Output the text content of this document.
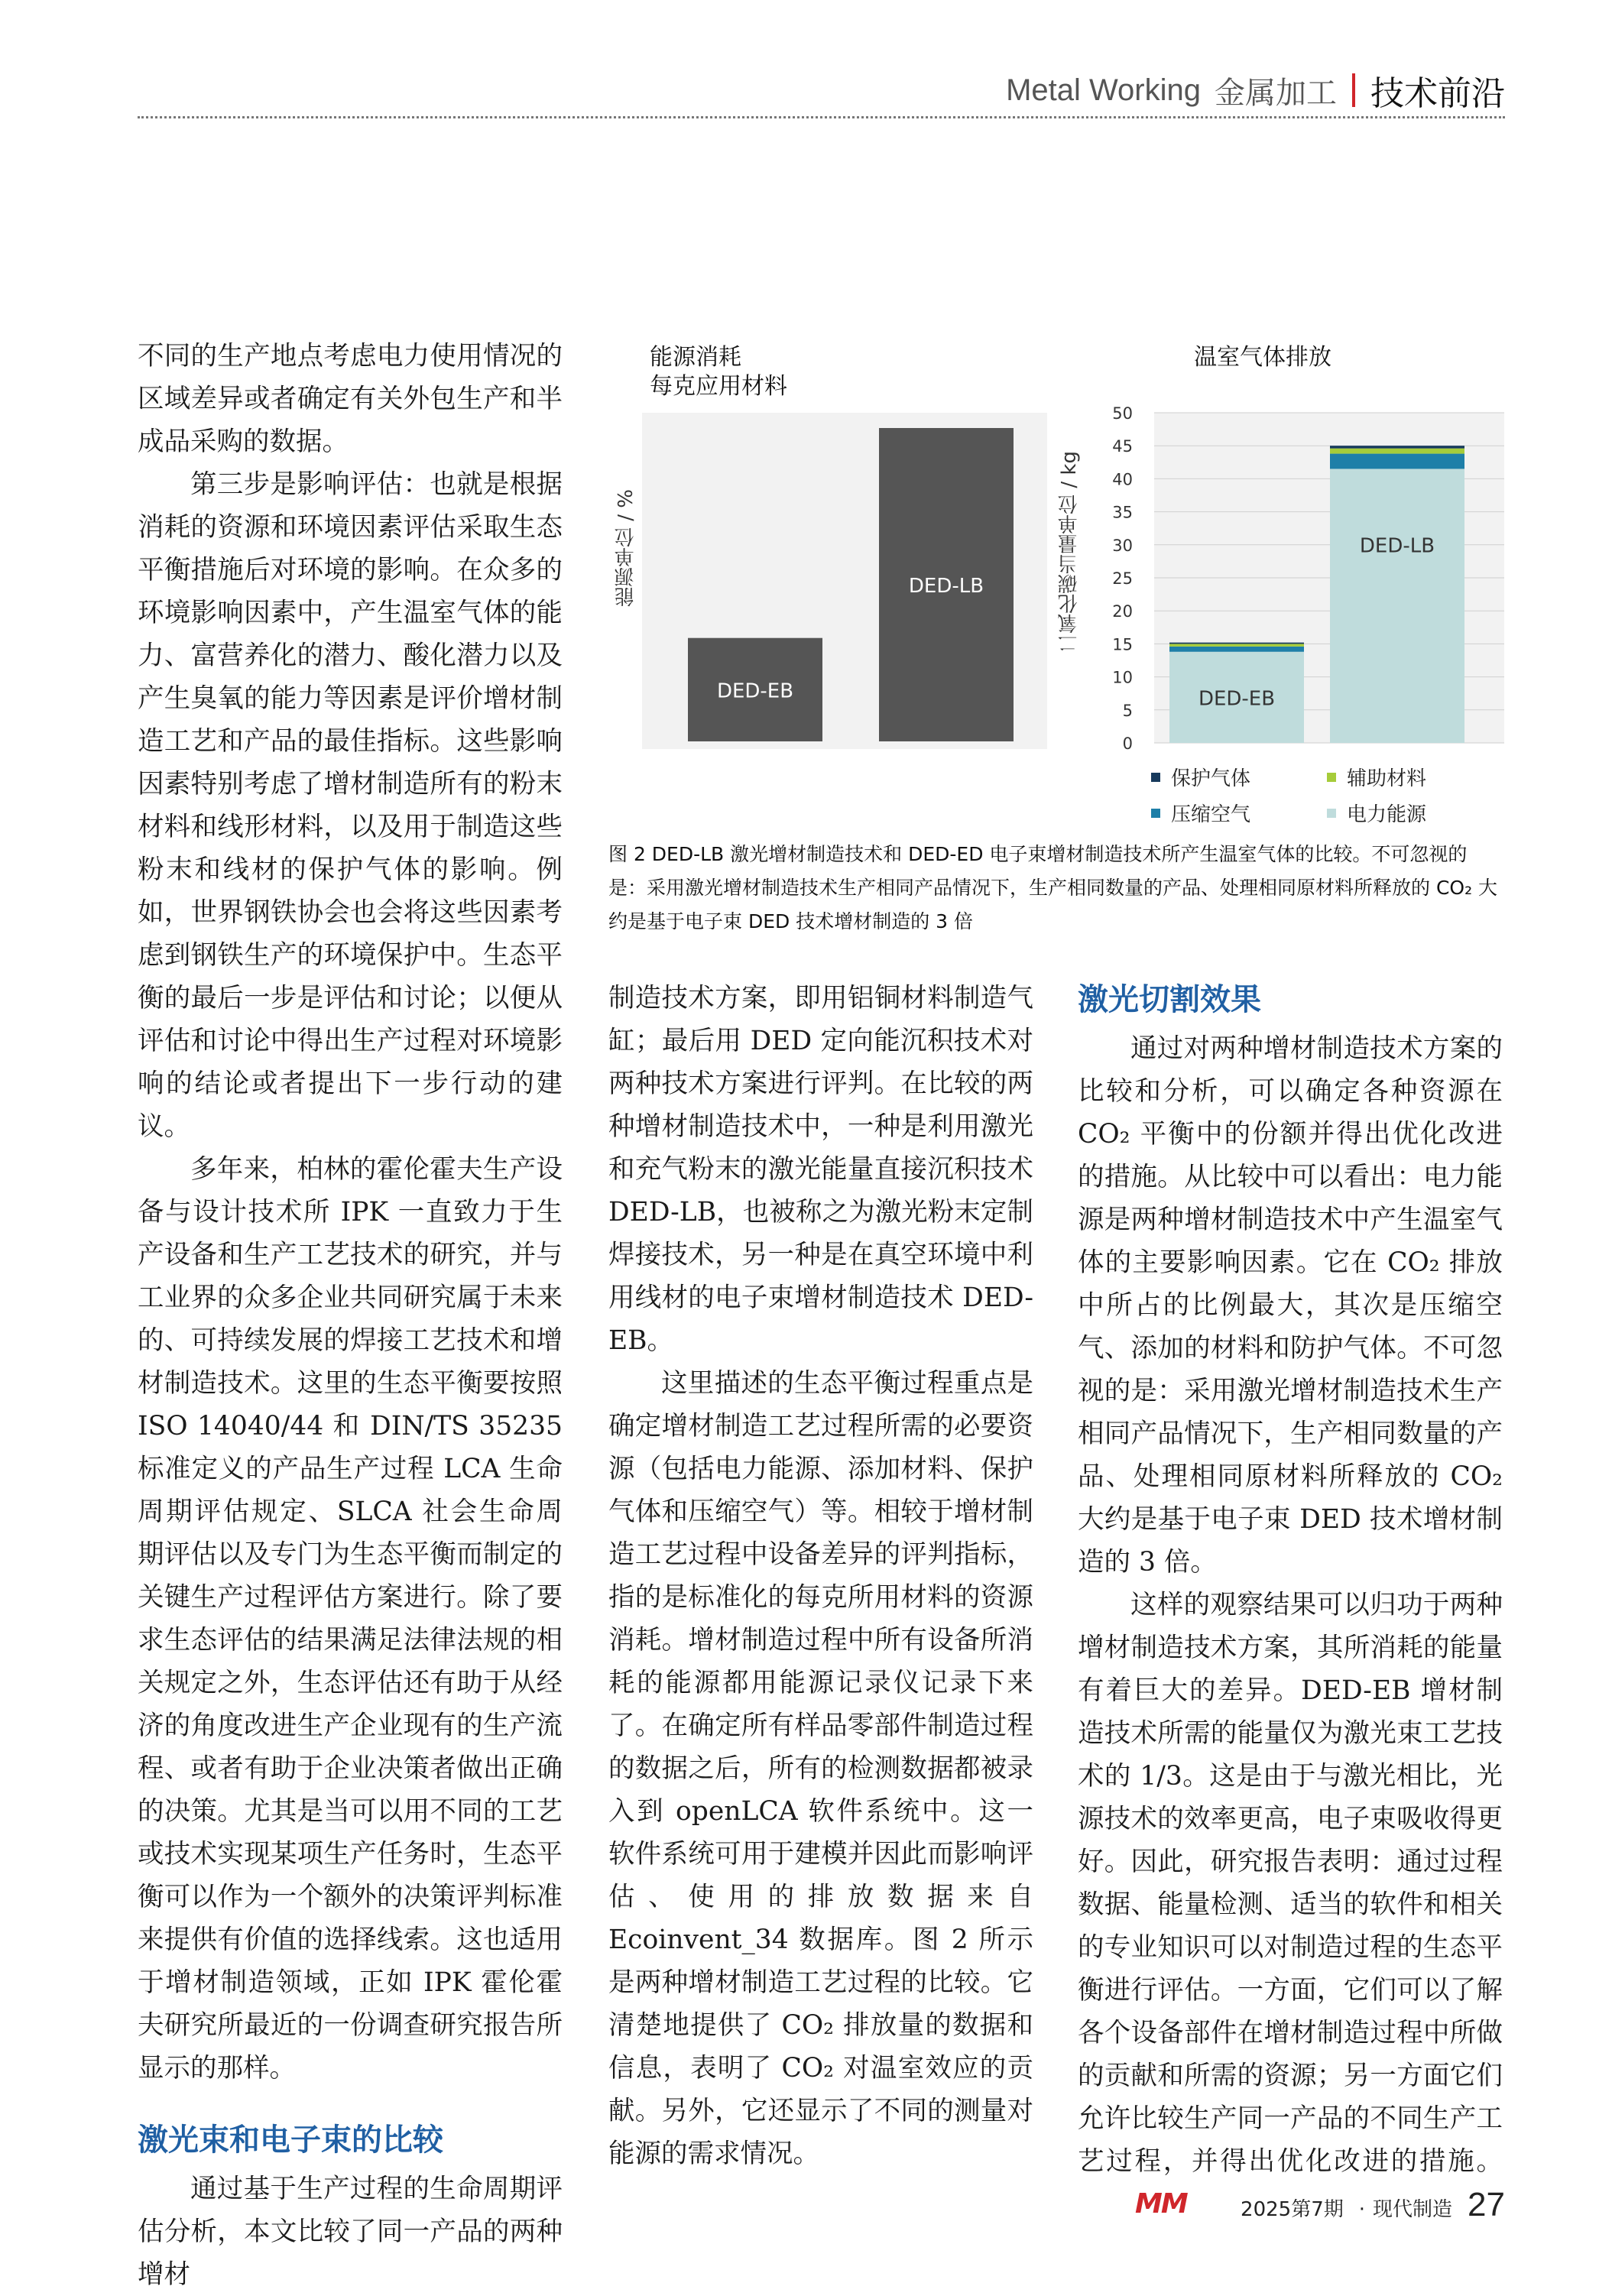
Metal Working 金属加工 技术前沿

不同的生产地点考虑电力使用情况的区域差异或者确定有关外包生产和半成品采购的数据。

第三步是影响评估：也就是根据消耗的资源和环境因素评估采取生态平衡措施后对环境的影响。在众多的环境影响因素中，产生温室气体的能力、富营养化的潜力、酸化潜力以及产生臭氧的能力等因素是评价增材制造工艺和产品的最佳指标。这些影响因素特别考虑了增材制造所有的粉末材料和线形材料，以及用于制造这些粉末和线材的保护气体的影响。例如，世界钢铁协会也会将这些因素考虑到钢铁生产的环境保护中。生态平衡的最后一步是评估和讨论；以便从评估和讨论中得出生产过程对环境影响的结论或者提出下一步行动的建议。

多年来，柏林的霍伦霍夫生产设备与设计技术所 IPK 一直致力于生产设备和生产工艺技术的研究，并与工业界的众多企业共同研究属于未来的、可持续发展的焊接工艺技术和增材制造技术。这里的生态平衡要按照 ISO 14040/44 和 DIN/TS 35235 标准定义的产品生产过程 LCA 生命周期评估规定、SLCA 社会生命周期评估以及专门为生态平衡而制定的关键生产过程评估方案进行。除了要求生态评估的结果满足法律法规的相关规定之外，生态评估还有助于从经济的角度改进生产企业现有的生产流程、或者有助于企业决策者做出正确的决策。尤其是当可以用不同的工艺或技术实现某项生产任务时，生态平衡可以作为一个额外的决策评判标准来提供有价值的选择线索。这也适用于增材制造领域，正如 IPK 霍伦霍夫研究所最近的一份调查研究报告所显示的那样。

激光束和电子束的比较

通过基于生产过程的生命周期评估分析，本文比较了同一产品的两种增材

能源消耗
每克应用材料
能源单位 / %
DED-EB
DED-LB
温室气体排放
二氧化碳当量单位 / kg
0
5
10
15
20
25
30
35
40
45
50
DED-EB
DED-LB
保护气体	辅助材料
压缩空气	电力能源
图 2 DED-LB 激光增材制造技术和 DED-ED 电子束增材制造技术所产生温室气体的比较。不可忽视的是：采用激光增材制造技术生产相同产品情况下，生产相同数量的产品、处理相同原材料所释放的 CO₂ 大约是基于电子束 DED 技术增材制造的 3 倍

制造技术方案，即用铝铜材料制造气缸；最后用 DED 定向能沉积技术对两种技术方案进行评判。在比较的两种增材制造技术中，一种是利用激光和充气粉末的激光能量直接沉积技术 DED-LB，也被称之为激光粉末定制焊接技术，另一种是在真空环境中利用线材的电子束增材制造技术 DED-EB。

这里描述的生态平衡过程重点是确定增材制造工艺过程所需的必要资源（包括电力能源、添加材料、保护气体和压缩空气）等。相较于增材制造工艺过程中设备差异的评判指标，指的是标准化的每克所用材料的资源消耗。增材制造过程中所有设备所消耗的能源都用能源记录仪记录下来了。在确定所有样品零部件制造过程的数据之后，所有的检测数据都被录入到 openLCA 软件系统中。这一软件系统可用于建模并因此而影响评估、使用的排放数据来自 Ecoinvent_34 数据库。图 2 所示是两种增材制造工艺过程的比较。它清楚地提供了 CO₂ 排放量的数据和信息，表明了 CO₂ 对温室效应的贡献。另外，它还显示了不同的测量对能源的需求情况。

激光切割效果

通过对两种增材制造技术方案的比较和分析，可以确定各种资源在 CO₂ 平衡中的份额并得出优化改进的措施。从比较中可以看出：电力能源是两种增材制造技术中产生温室气体的主要影响因素。它在 CO₂ 排放中所占的比例最大，其次是压缩空气、添加的材料和防护气体。不可忽视的是：采用激光增材制造技术生产相同产品情况下，生产相同数量的产品、处理相同原材料所释放的 CO₂ 大约是基于电子束 DED 技术增材制造的 3 倍。

这样的观察结果可以归功于两种增材制造技术方案，其所消耗的能量有着巨大的差异。DED-EB 增材制造技术所需的能量仅为激光束工艺技术的 1/3。这是由于与激光相比，光源技术的效率更高，电子束吸收得更好。因此，研究报告表明：通过过程数据、能量检测、适当的软件和相关的专业知识可以对制造过程的生态平衡进行评估。一方面，它们可以了解各个设备部件在增材制造过程中所做的贡献和所需的资源；另一方面它们允许比较生产同一产品的不同生产工艺过程，并得出优化改进的措施。MM	2025第7期 · 现代制造 27
